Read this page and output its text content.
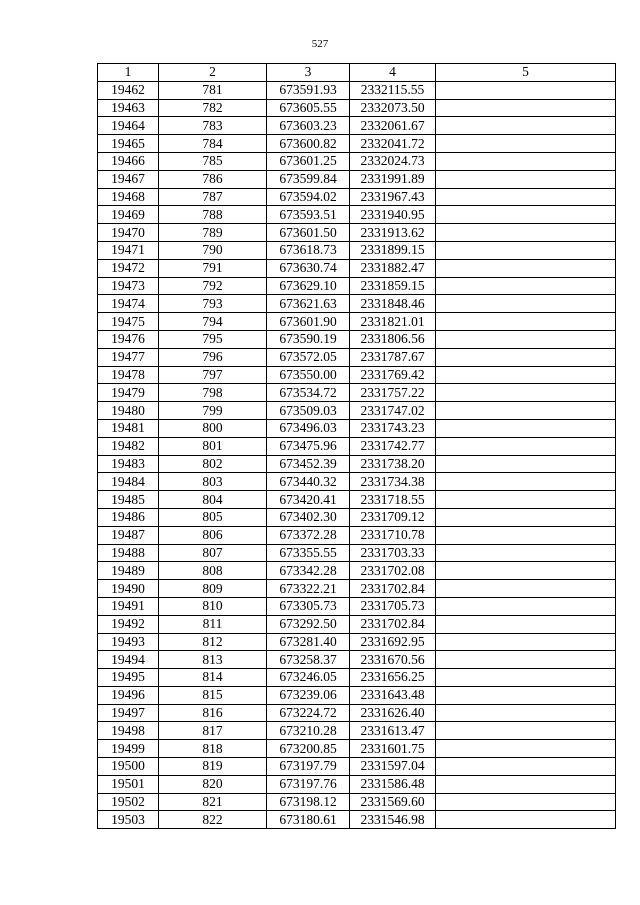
527
1	2	3	4	5
19462	781	673591.93	2332115.55	
19463	782	673605.55	2332073.50	
19464	783	673603.23	2332061.67	
19465	784	673600.82	2332041.72	
19466	785	673601.25	2332024.73	
19467	786	673599.84	2331991.89	
19468	787	673594.02	2331967.43	
19469	788	673593.51	2331940.95	
19470	789	673601.50	2331913.62	
19471	790	673618.73	2331899.15	
19472	791	673630.74	2331882.47	
19473	792	673629.10	2331859.15	
19474	793	673621.63	2331848.46	
19475	794	673601.90	2331821.01	
19476	795	673590.19	2331806.56	
19477	796	673572.05	2331787.67	
19478	797	673550.00	2331769.42	
19479	798	673534.72	2331757.22	
19480	799	673509.03	2331747.02	
19481	800	673496.03	2331743.23	
19482	801	673475.96	2331742.77	
19483	802	673452.39	2331738.20	
19484	803	673440.32	2331734.38	
19485	804	673420.41	2331718.55	
19486	805	673402.30	2331709.12	
19487	806	673372.28	2331710.78	
19488	807	673355.55	2331703.33	
19489	808	673342.28	2331702.08	
19490	809	673322.21	2331702.84	
19491	810	673305.73	2331705.73	
19492	811	673292.50	2331702.84	
19493	812	673281.40	2331692.95	
19494	813	673258.37	2331670.56	
19495	814	673246.05	2331656.25	
19496	815	673239.06	2331643.48	
19497	816	673224.72	2331626.40	
19498	817	673210.28	2331613.47	
19499	818	673200.85	2331601.75	
19500	819	673197.79	2331597.04	
19501	820	673197.76	2331586.48	
19502	821	673198.12	2331569.60	
19503	822	673180.61	2331546.98	
